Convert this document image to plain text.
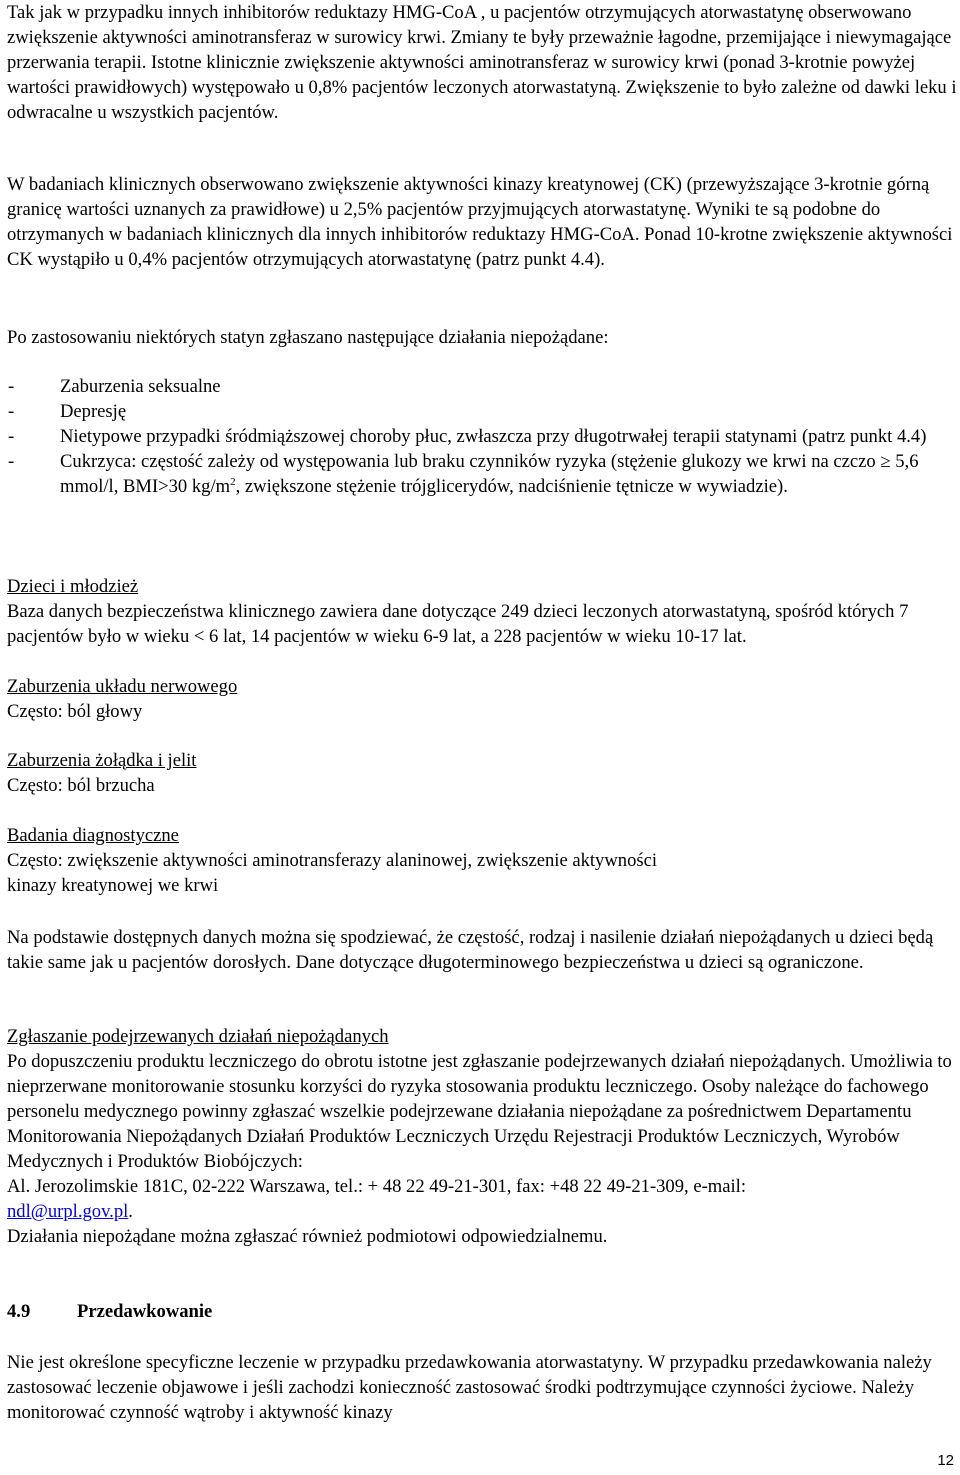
Tak jak w przypadku innych inhibitorów reduktazy HMG-CoA , u pacjentów otrzymujących atorwastatynę obserwowano zwiększenie aktywności aminotransferaz w surowicy krwi. Zmiany te były przeważnie łagodne, przemijające i niewymagające przerwania terapii. Istotne klinicznie zwiększenie aktywności aminotransferaz w surowicy krwi (ponad 3-krotnie powyżej wartości prawidłowych) występowało u 0,8% pacjentów leczonych atorwastatyną. Zwiększenie to było zależne od dawki leku i odwracalne u wszystkich pacjentów.

W badaniach klinicznych obserwowano zwiększenie aktywności kinazy kreatynowej (CK) (przewyższające 3-krotnie górną granicę wartości uznanych za prawidłowe) u 2,5% pacjentów przyjmujących atorwastatynę. Wyniki te są podobne do otrzymanych w badaniach klinicznych dla innych inhibitorów reduktazy HMG-CoA. Ponad 10-krotne zwiększenie aktywności CK wystąpiło u 0,4% pacjentów otrzymujących atorwastatynę (patrz punkt 4.4).

Po zastosowaniu niektórych statyn zgłaszano następujące działania niepożądane:

- Zaburzenia seksualne
- Depresję
- Nietypowe przypadki śródmiąższowej choroby płuc, zwłaszcza przy długotrwałej terapii statynami (patrz punkt 4.4)
- Cukrzyca: częstość zależy od występowania lub braku czynników ryzyka (stężenie glukozy we krwi na czczo ≥ 5,6 mmol/l, BMI>30 $kg/m^2$, zwiększone stężenie trójglicerydów, nadciśnienie tętnicze w wywiadzie).

Dzieci i młodzież

Baza danych bezpieczeństwa klinicznego zawiera dane dotyczące 249 dzieci leczonych atorwastatyną, spośród których 7 pacjentów było w wieku < 6 lat, 14 pacjentów w wieku 6-9 lat, a 228 pacjentów w wieku 10-17 lat.

Zaburzenia układu nerwowego

Często: ból głowy

Zaburzenia żołądka i jelit

Często: ból brzucha

Badania diagnostyczne

Często: zwiększenie aktywności aminotransferazy alaninowej, zwiększenie aktywności

kinazy kreatynowej we krwi

Na podstawie dostępnych danych można się spodziewać, że częstość, rodzaj i nasilenie działań niepożądanych u dzieci będą takie same jak u pacjentów dorosłych. Dane dotyczące długoterminowego bezpieczeństwa u dzieci są ograniczone.

Zgłaszanie podejrzewanych działań niepożądanych

Po dopuszczeniu produktu leczniczego do obrotu istotne jest zgłaszanie podejrzewanych działań niepożądanych. Umożliwia to nieprzerwane monitorowanie stosunku korzyści do ryzyka stosowania produktu leczniczego. Osoby należące do fachowego personelu medycznego powinny zgłaszać wszelkie podejrzewane działania niepożądane za pośrednictwem Departamentu Monitorowania Niepożądanych Działań Produktów Leczniczych Urzędu Rejestracji Produktów Leczniczych, Wyrobów Medycznych i Produktów Biobójczych:

Al. Jerozolimskie 181C, 02-222 Warszawa, tel.: + 48 22 49-21-301, fax: +48 22 49-21-309, e-mail:

ndl@urpl.gov.pl.

Działania niepożądane można zgłaszać również podmiotowi odpowiedzialnemu.

4.9	Przedawkowanie

Nie jest określone specyficzne leczenie w przypadku przedawkowania atorwastatyny. W przypadku przedawkowania należy zastosować leczenie objawowe i jeśli zachodzi konieczność zastosować środki podtrzymujące czynności życiowe. Należy monitorować czynność wątroby i aktywność kinazy

12
